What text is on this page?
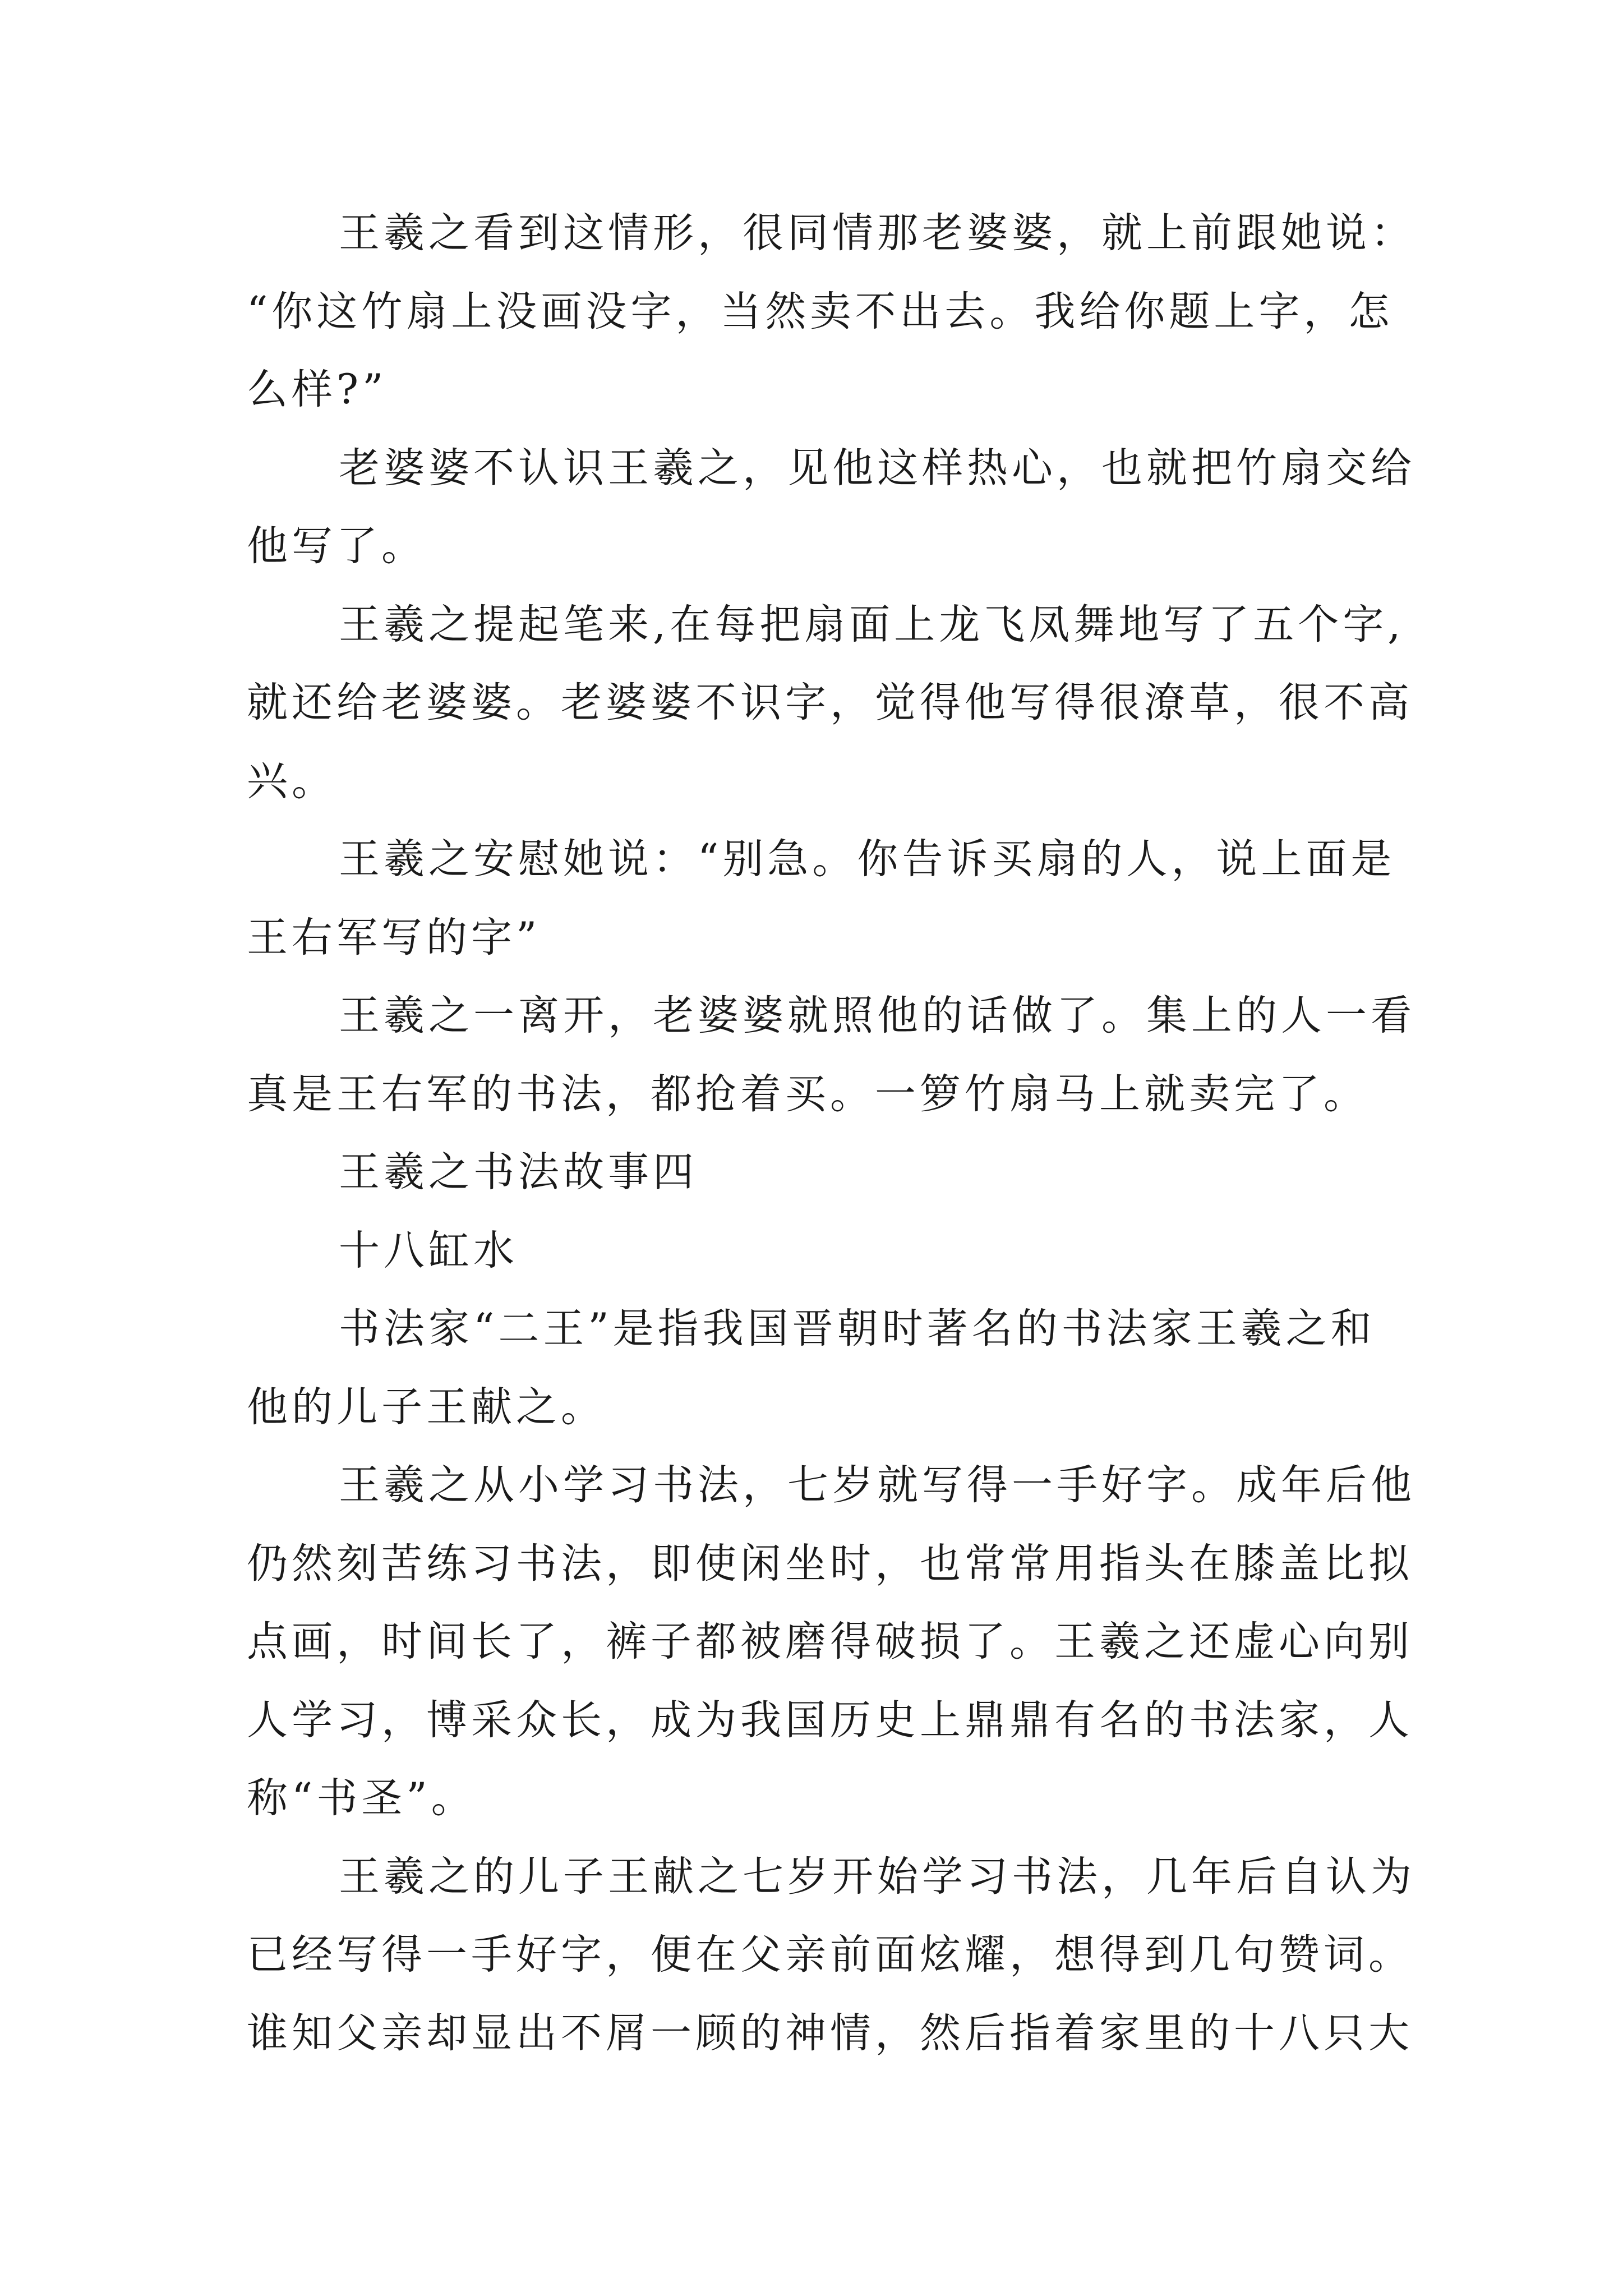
王羲之看到这情形，很同情那老婆婆，就上前跟她说：
“你这竹扇上没画没字，当然卖不出去。我给你题上字，怎
么样?”
老婆婆不认识王羲之，见他这样热心，也就把竹扇交给
他写了。
王羲之提起笔来,在每把扇面上龙飞凤舞地写了五个字,
就还给老婆婆。老婆婆不识字，觉得他写得很潦草，很不高
兴。
王羲之安慰她说：“别急。你告诉买扇的人，说上面是
王右军写的字”
王羲之一离开，老婆婆就照他的话做了。集上的人一看
真是王右军的书法，都抢着买。一箩竹扇马上就卖完了。
王羲之书法故事四
十八缸水
书法家“二王”是指我国晋朝时著名的书法家王羲之和
他的儿子王献之。
王羲之从小学习书法，七岁就写得一手好字。成年后他
仍然刻苦练习书法，即使闲坐时，也常常用指头在膝盖比拟
点画，时间长了，裤子都被磨得破损了。王羲之还虚心向别
人学习，博采众长，成为我国历史上鼎鼎有名的书法家，人
称“书圣”。
王羲之的儿子王献之七岁开始学习书法，几年后自认为
已经写得一手好字，便在父亲前面炫耀，想得到几句赞词。
谁知父亲却显出不屑一顾的神情，然后指着家里的十八只大
